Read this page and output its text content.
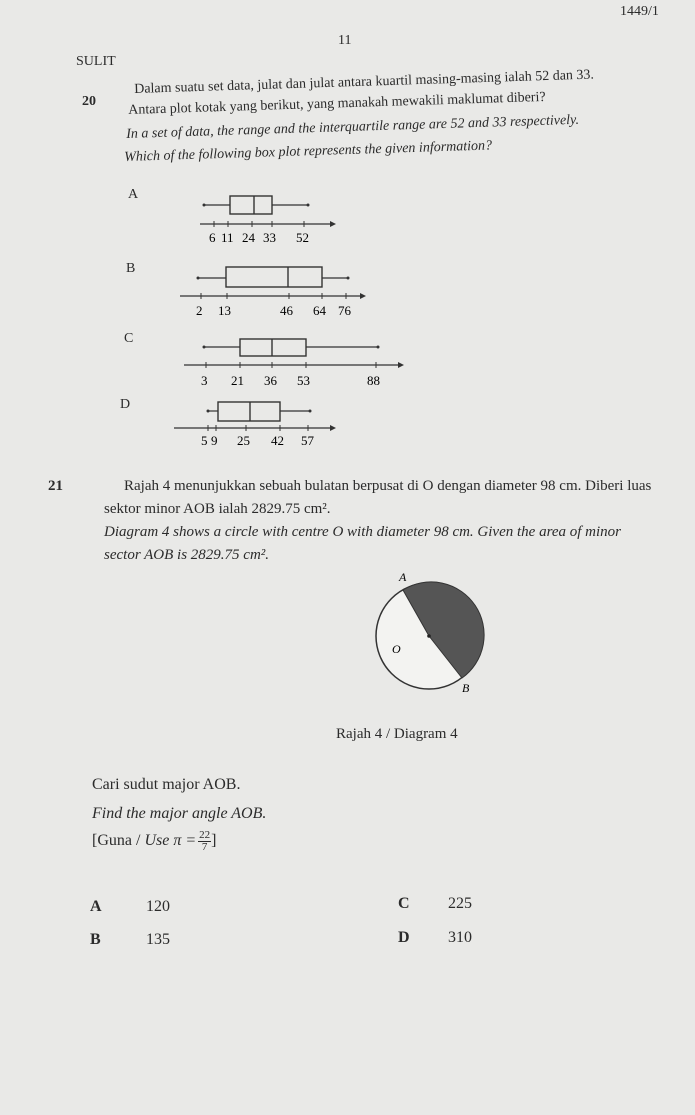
1449/1
11
SULIT
20
Dalam suatu set data, julat dan julat antara kuartil masing-masing ialah 52 dan 33.
Antara plot kotak yang berikut, yang manakah mewakili maklumat diberi?
In a set of data, the range and the interquartile range are 52 and 33 respectively.
Which of the following box plot represents the given information?
A
6 11 24 33 52
B
2 13	46 64 76
C
3 21 36 53	88
D
5 9 25 42 57
21	Rajah 4 menunjukkan sebuah bulatan berpusat di O dengan diameter 98 cm. Diberi luas
sektor minor AOB ialah 2829.75 cm².
Diagram 4 shows a circle with centre O with diameter 98 cm. Given the area of minor
sector AOB is 2829.75 cm².
A
O
B
Rajah 4 / Diagram 4
Cari sudut major AOB.
Find the major angle AOB.
[Guna / Use $\pi = \frac{22}{7}$ ]
A	120
B	135
C 225
D 310
